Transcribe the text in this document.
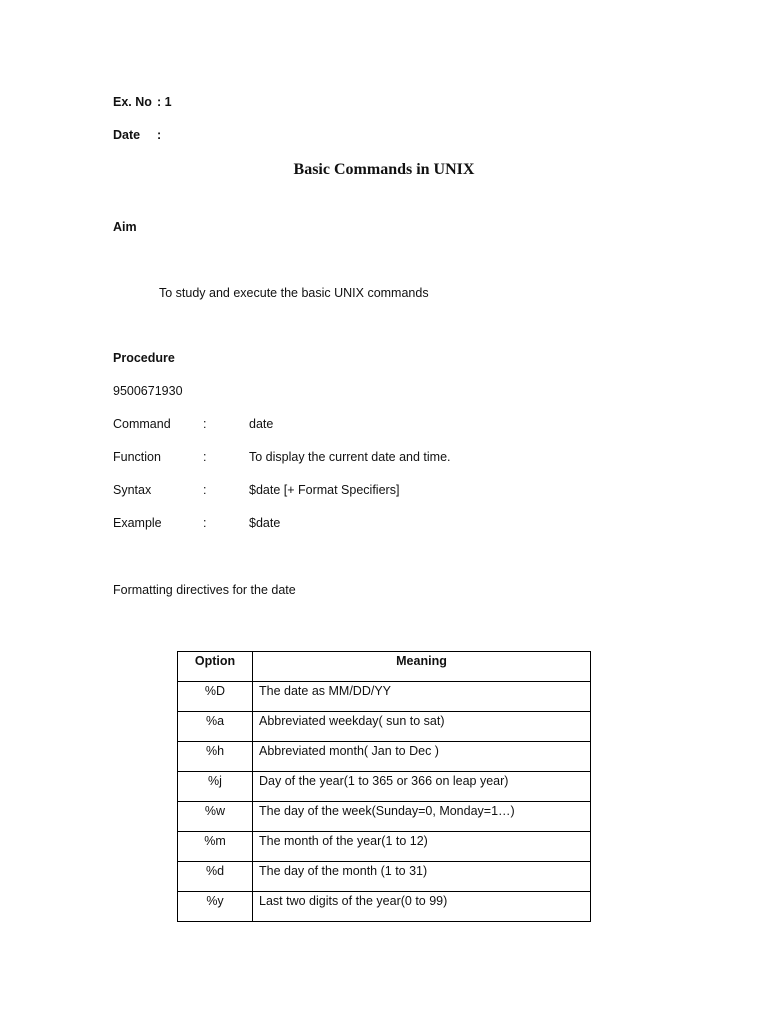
Ex. No : 1
Date :
Basic Commands in UNIX
Aim
To study and execute the basic UNIX commands
Procedure
9500671930
Command	:	date
Function	:	To display the current date and time.
Syntax	:	$date [+ Format Specifiers]
Example	:	$date
Formatting directives for the date
Option	Meaning
%D	The date as MM/DD/YY
%a	Abbreviated weekday( sun to sat)
%h	Abbreviated month( Jan to Dec )
%j	Day of the year(1 to 365 or 366 on leap year)
%w	The day of the week(Sunday=0, Monday=1…)
%m	The month of the year(1 to 12)
%d	The day of the month (1 to 31)
%y	Last two digits of the year(0 to 99)
